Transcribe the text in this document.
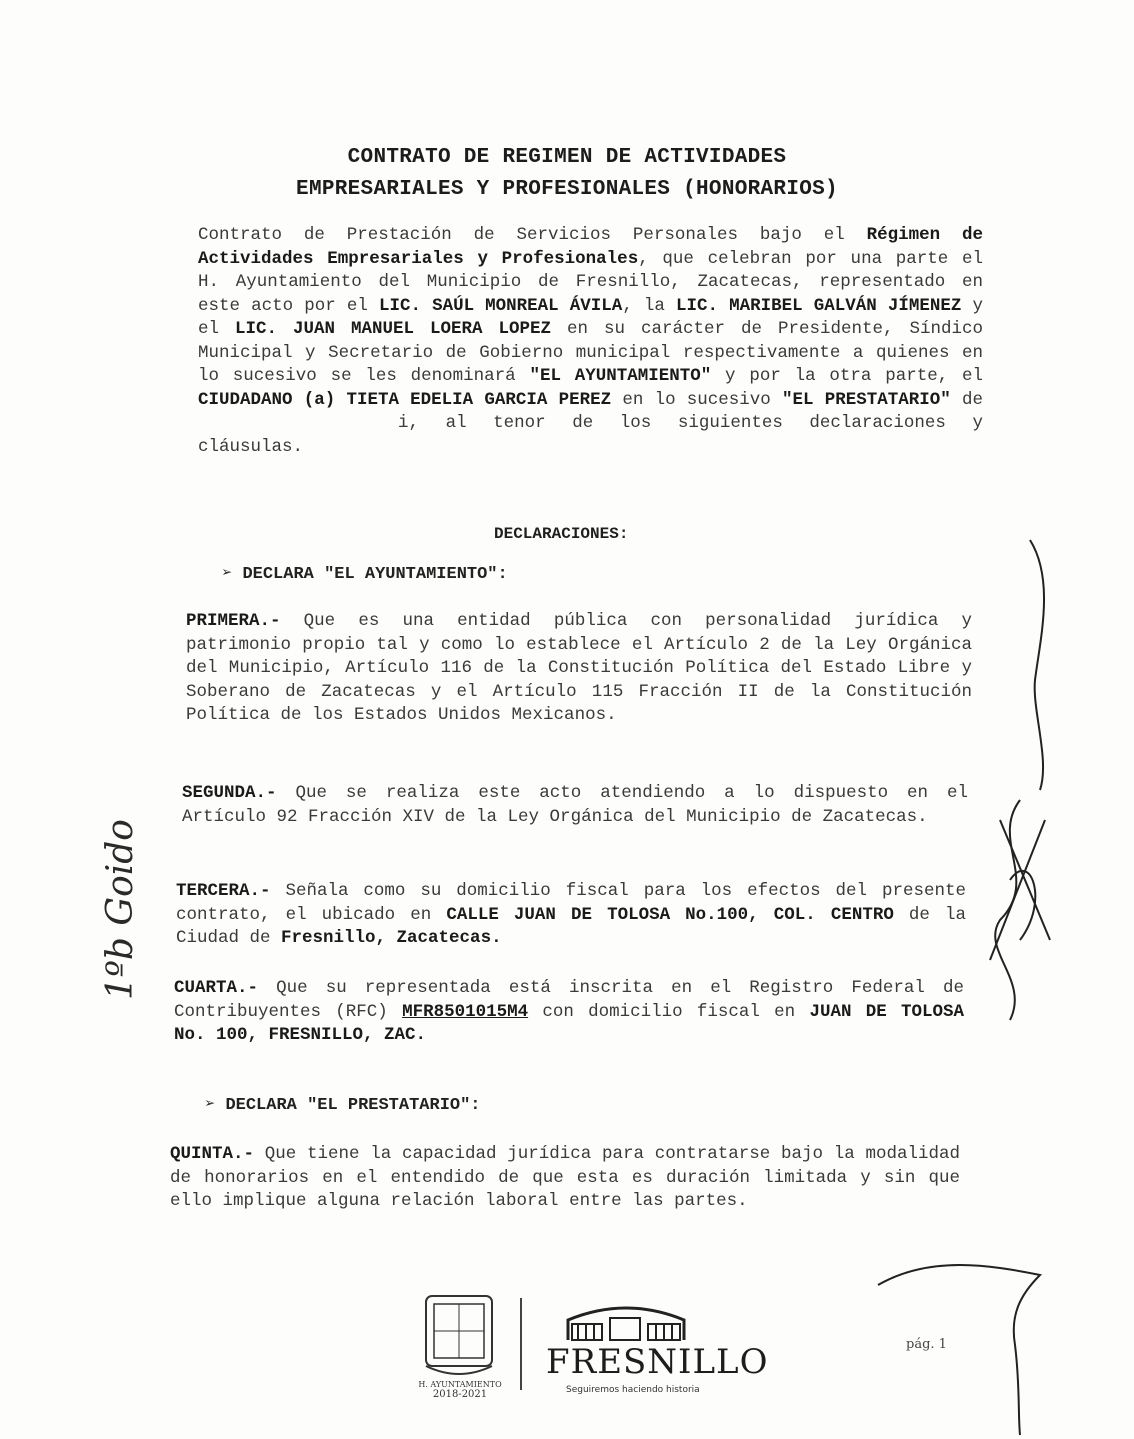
CONTRATO DE REGIMEN DE ACTIVIDADES
EMPRESARIALES Y PROFESIONALES (HONORARIOS)
Contrato de Prestación de Servicios Personales bajo el Régimen de Actividades Empresariales y Profesionales, que celebran por una parte el H. Ayuntamiento del Municipio de Fresnillo, Zacatecas, representado en este acto por el LIC. SAÚL MONREAL ÁVILA, la LIC. MARIBEL GALVÁN JÍMENEZ y el LIC. JUAN MANUEL LOERA LOPEZ en su carácter de Presidente, Síndico Municipal y Secretario de Gobierno municipal respectivamente a quienes en lo sucesivo se les denominará "EL AYUNTAMIENTO" y por la otra parte, el CIUDADANO (a) TIETA EDELIA GARCIA PEREZ en lo sucesivo "EL PRESTATARIO" de i, al tenor de los siguientes declaraciones y cláusulas.
DECLARACIONES:
➢ DECLARA "EL AYUNTAMIENTO":
PRIMERA.- Que es una entidad pública con personalidad jurídica y patrimonio propio tal y como lo establece el Artículo 2 de la Ley Orgánica del Municipio, Artículo 116 de la Constitución Política del Estado Libre y Soberano de Zacatecas y el Artículo 115 Fracción II de la Constitución Política de los Estados Unidos Mexicanos.
SEGUNDA.- Que se realiza este acto atendiendo a lo dispuesto en el Artículo 92 Fracción XIV de la Ley Orgánica del Municipio de Zacatecas.
TERCERA.- Señala como su domicilio fiscal para los efectos del presente contrato, el ubicado en CALLE JUAN DE TOLOSA No.100, COL. CENTRO de la Ciudad de Fresnillo, Zacatecas.
CUARTA.- Que su representada está inscrita en el Registro Federal de Contribuyentes (RFC) MFR8501015M4 con domicilio fiscal en JUAN DE TOLOSA No. 100, FRESNILLO, ZAC.
➢ DECLARA "EL PRESTATARIO":
QUINTA.- Que tiene la capacidad jurídica para contratarse bajo la modalidad de honorarios en el entendido de que esta es duración limitada y sin que ello implique alguna relación laboral entre las partes.
1ºb Goido
H. AYUNTAMIENTO
2018-2021
FRESNILLO
Seguiremos haciendo historia
pág. 1
